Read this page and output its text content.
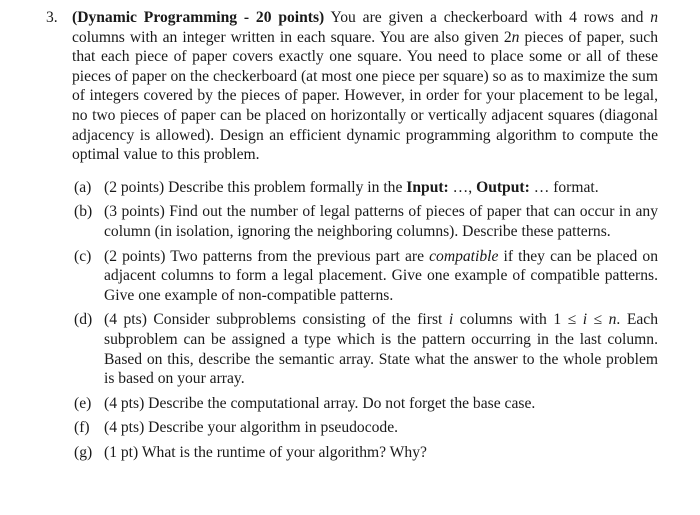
3. (Dynamic Programming - 20 points) You are given a checkerboard with 4 rows and n columns with an integer written in each square. You are also given 2n pieces of paper, such that each piece of paper covers exactly one square. You need to place some or all of these pieces of paper on the checkerboard (at most one piece per square) so as to maximize the sum of integers covered by the pieces of paper. However, in order for your placement to be legal, no two pieces of paper can be placed on horizontally or vertically adjacent squares (diagonal adjacency is allowed). Design an efficient dynamic programming algorithm to compute the optimal value to this problem.

(a) (2 points) Describe this problem formally in the Input: …, Output: … format.
(b) (3 points) Find out the number of legal patterns of pieces of paper that can occur in any column (in isolation, ignoring the neighboring columns). Describe these patterns.
(c) (2 points) Two patterns from the previous part are compatible if they can be placed on adjacent columns to form a legal placement. Give one example of compatible patterns. Give one example of non-compatible patterns.
(d) (4 pts) Consider subproblems consisting of the first i columns with 1 ≤ i ≤ n. Each subproblem can be assigned a type which is the pattern occurring in the last column. Based on this, describe the semantic array. State what the answer to the whole problem is based on your array.
(e) (4 pts) Describe the computational array. Do not forget the base case.
(f) (4 pts) Describe your algorithm in pseudocode.
(g) (1 pt) What is the runtime of your algorithm? Why?
